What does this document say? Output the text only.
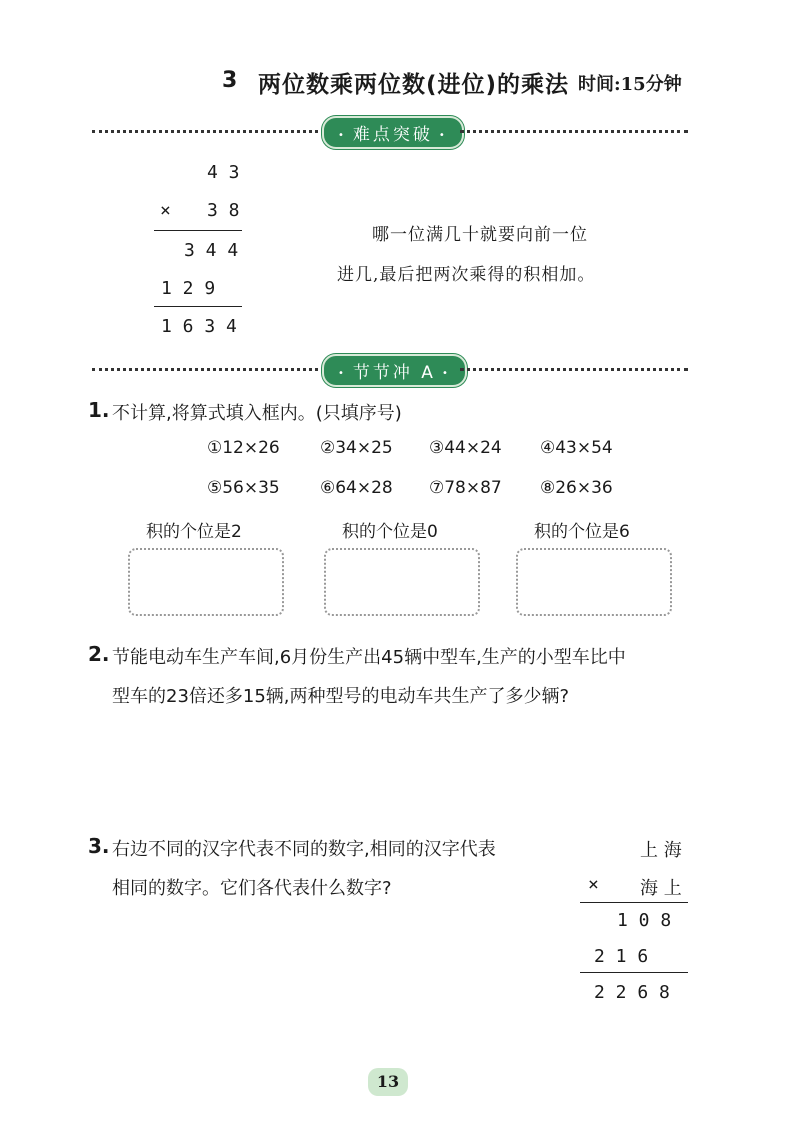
3 两位数乘两位数(进位)的乘法 时间:15分钟
• 难点突破 •
4 3
× 3 8
3 4 4
1 2 9
1 6 3 4
哪一位满几十就要向前一位
进几,最后把两次乘得的积相加。
• 节节冲 A •
1. 不计算,将算式填入框内。(只填序号)
①12×26 ②34×25 ③44×24 ④43×54
⑤56×35 ⑥64×28 ⑦78×87 ⑧26×36
积的个位是2	积的个位是0	积的个位是6
2. 节能电动车生产车间,6月份生产出45辆中型车,生产的小型车比中
型车的23倍还多15辆,两种型号的电动车共生产了多少辆?
3. 右边不同的汉字代表不同的数字,相同的汉字代表
相同的数字。它们各代表什么数字?
上 海
× 海 上
1 0 8
2 1 6
2 2 6 8
13
